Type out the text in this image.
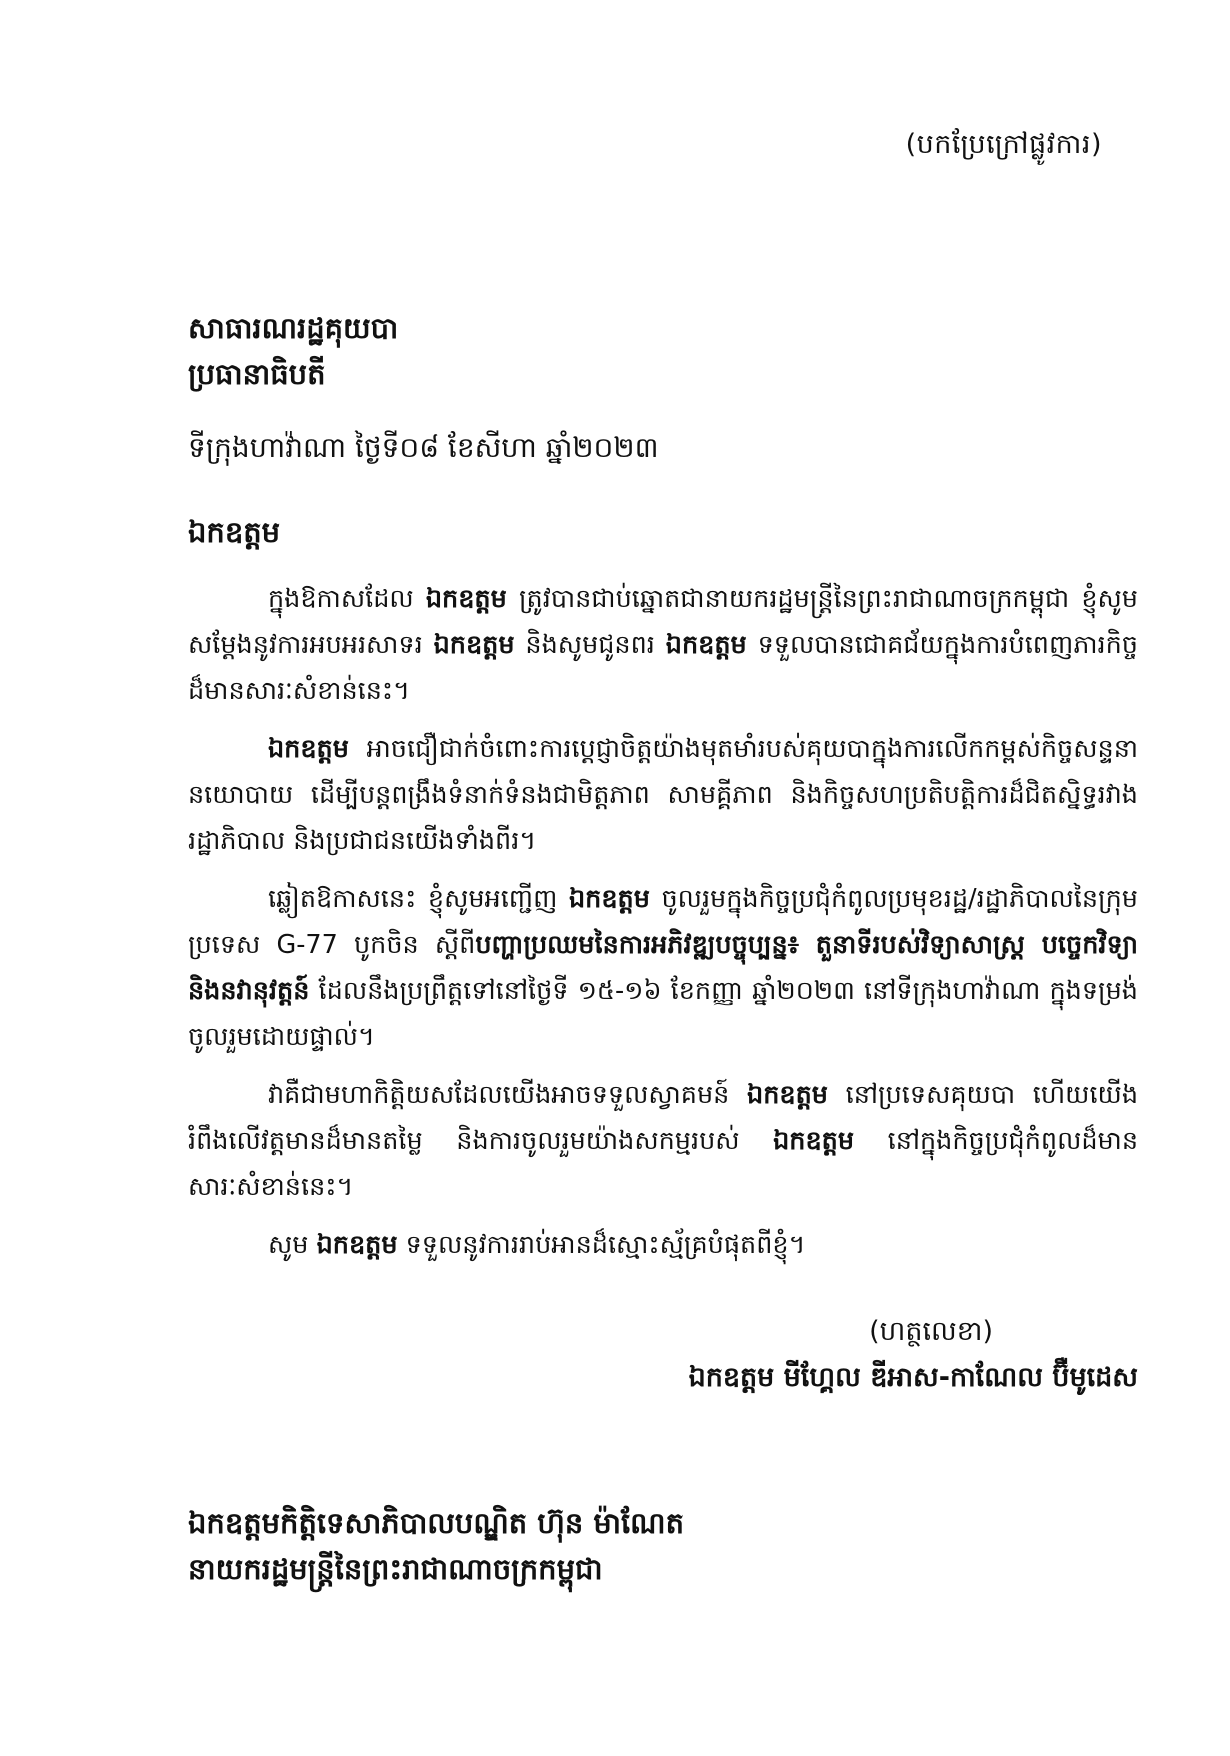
(បកប្រែក្រៅផ្លូវការ)
សាធារណរដ្ឋគុយបា
ប្រធានាធិបតី
ទីក្រុងហាវ៉ាណា ថ្ងៃទី០៨ ខែសីហា ឆ្នាំ២០២៣
ឯកឧត្តម

ក្នុងឱកាសដែល ឯកឧត្តម ត្រូវបានជាប់ឆ្នោតជានាយករដ្ឋមន្ត្រីនៃព្រះរាជាណាចក្រកម្ពុជា ខ្ញុំសូមសម្តែងនូវការអបអរសាទរ ឯកឧត្តម និងសូមជូនពរ ឯកឧត្តម ទទួលបានជោគជ័យក្នុងការបំពេញភារកិច្ចដ៏មានសារៈសំខាន់នេះ។

ឯកឧត្តម អាចជឿជាក់ចំពោះការប្តេជ្ញាចិត្តយ៉ាងមុតមាំរបស់គុយបាក្នុងការលើកកម្ពស់កិច្ចសន្ទនានយោបាយ ដើម្បីបន្តពង្រឹងទំនាក់ទំនងជាមិត្តភាព សាមគ្គីភាព និងកិច្ចសហប្រតិបត្តិការដ៏ជិតស្និទ្ធរវាងរដ្ឋាភិបាល និងប្រជាជនយើងទាំងពីរ។

ឆ្លៀតឱកាសនេះ ខ្ញុំសូមអញ្ជើញ ឯកឧត្តម ចូលរួមក្នុងកិច្ចប្រជុំកំពូលប្រមុខរដ្ឋ/រដ្ឋាភិបាលនៃក្រុមប្រទេស G-77 បូកចិន ស្តីពីបញ្ហាប្រឈមនៃការអភិវឌ្ឍបច្ចុប្បន្ន៖ តួនាទីរបស់វិទ្យាសាស្ត្រ បច្ចេកវិទ្យា និងនវានុវត្តន៍ ដែលនឹងប្រព្រឹត្តទៅនៅថ្ងៃទី ១៥-១៦ ខែកញ្ញា ឆ្នាំ២០២៣ នៅទីក្រុងហាវ៉ាណា ក្នុងទម្រង់ចូលរួមដោយផ្ទាល់។

វាគឺជាមហាកិត្តិយសដែលយើងអាចទទួលស្វាគមន៍ ឯកឧត្តម នៅប្រទេសគុយបា ហើយយើងរំពឹងលើវត្តមានដ៏មានតម្លៃ និងការចូលរួមយ៉ាងសកម្មរបស់ ឯកឧត្តម នៅក្នុងកិច្ចប្រជុំកំពូលដ៏មានសារៈសំខាន់នេះ។

សូម ឯកឧត្តម ទទួលនូវការរាប់អានដ៏ស្មោះស្ម័គ្របំផុតពីខ្ញុំ។

(ហត្ថលេខា)
ឯកឧត្តម មីហ្គែល ឌីអាស-កាណែល ប៊ឺមូដេស
ឯកឧត្តមកិត្តិទេសាភិបាលបណ្ឌិត ហ៊ុន ម៉ាណែត
នាយករដ្ឋមន្ត្រីនៃព្រះរាជាណាចក្រកម្ពុជា
